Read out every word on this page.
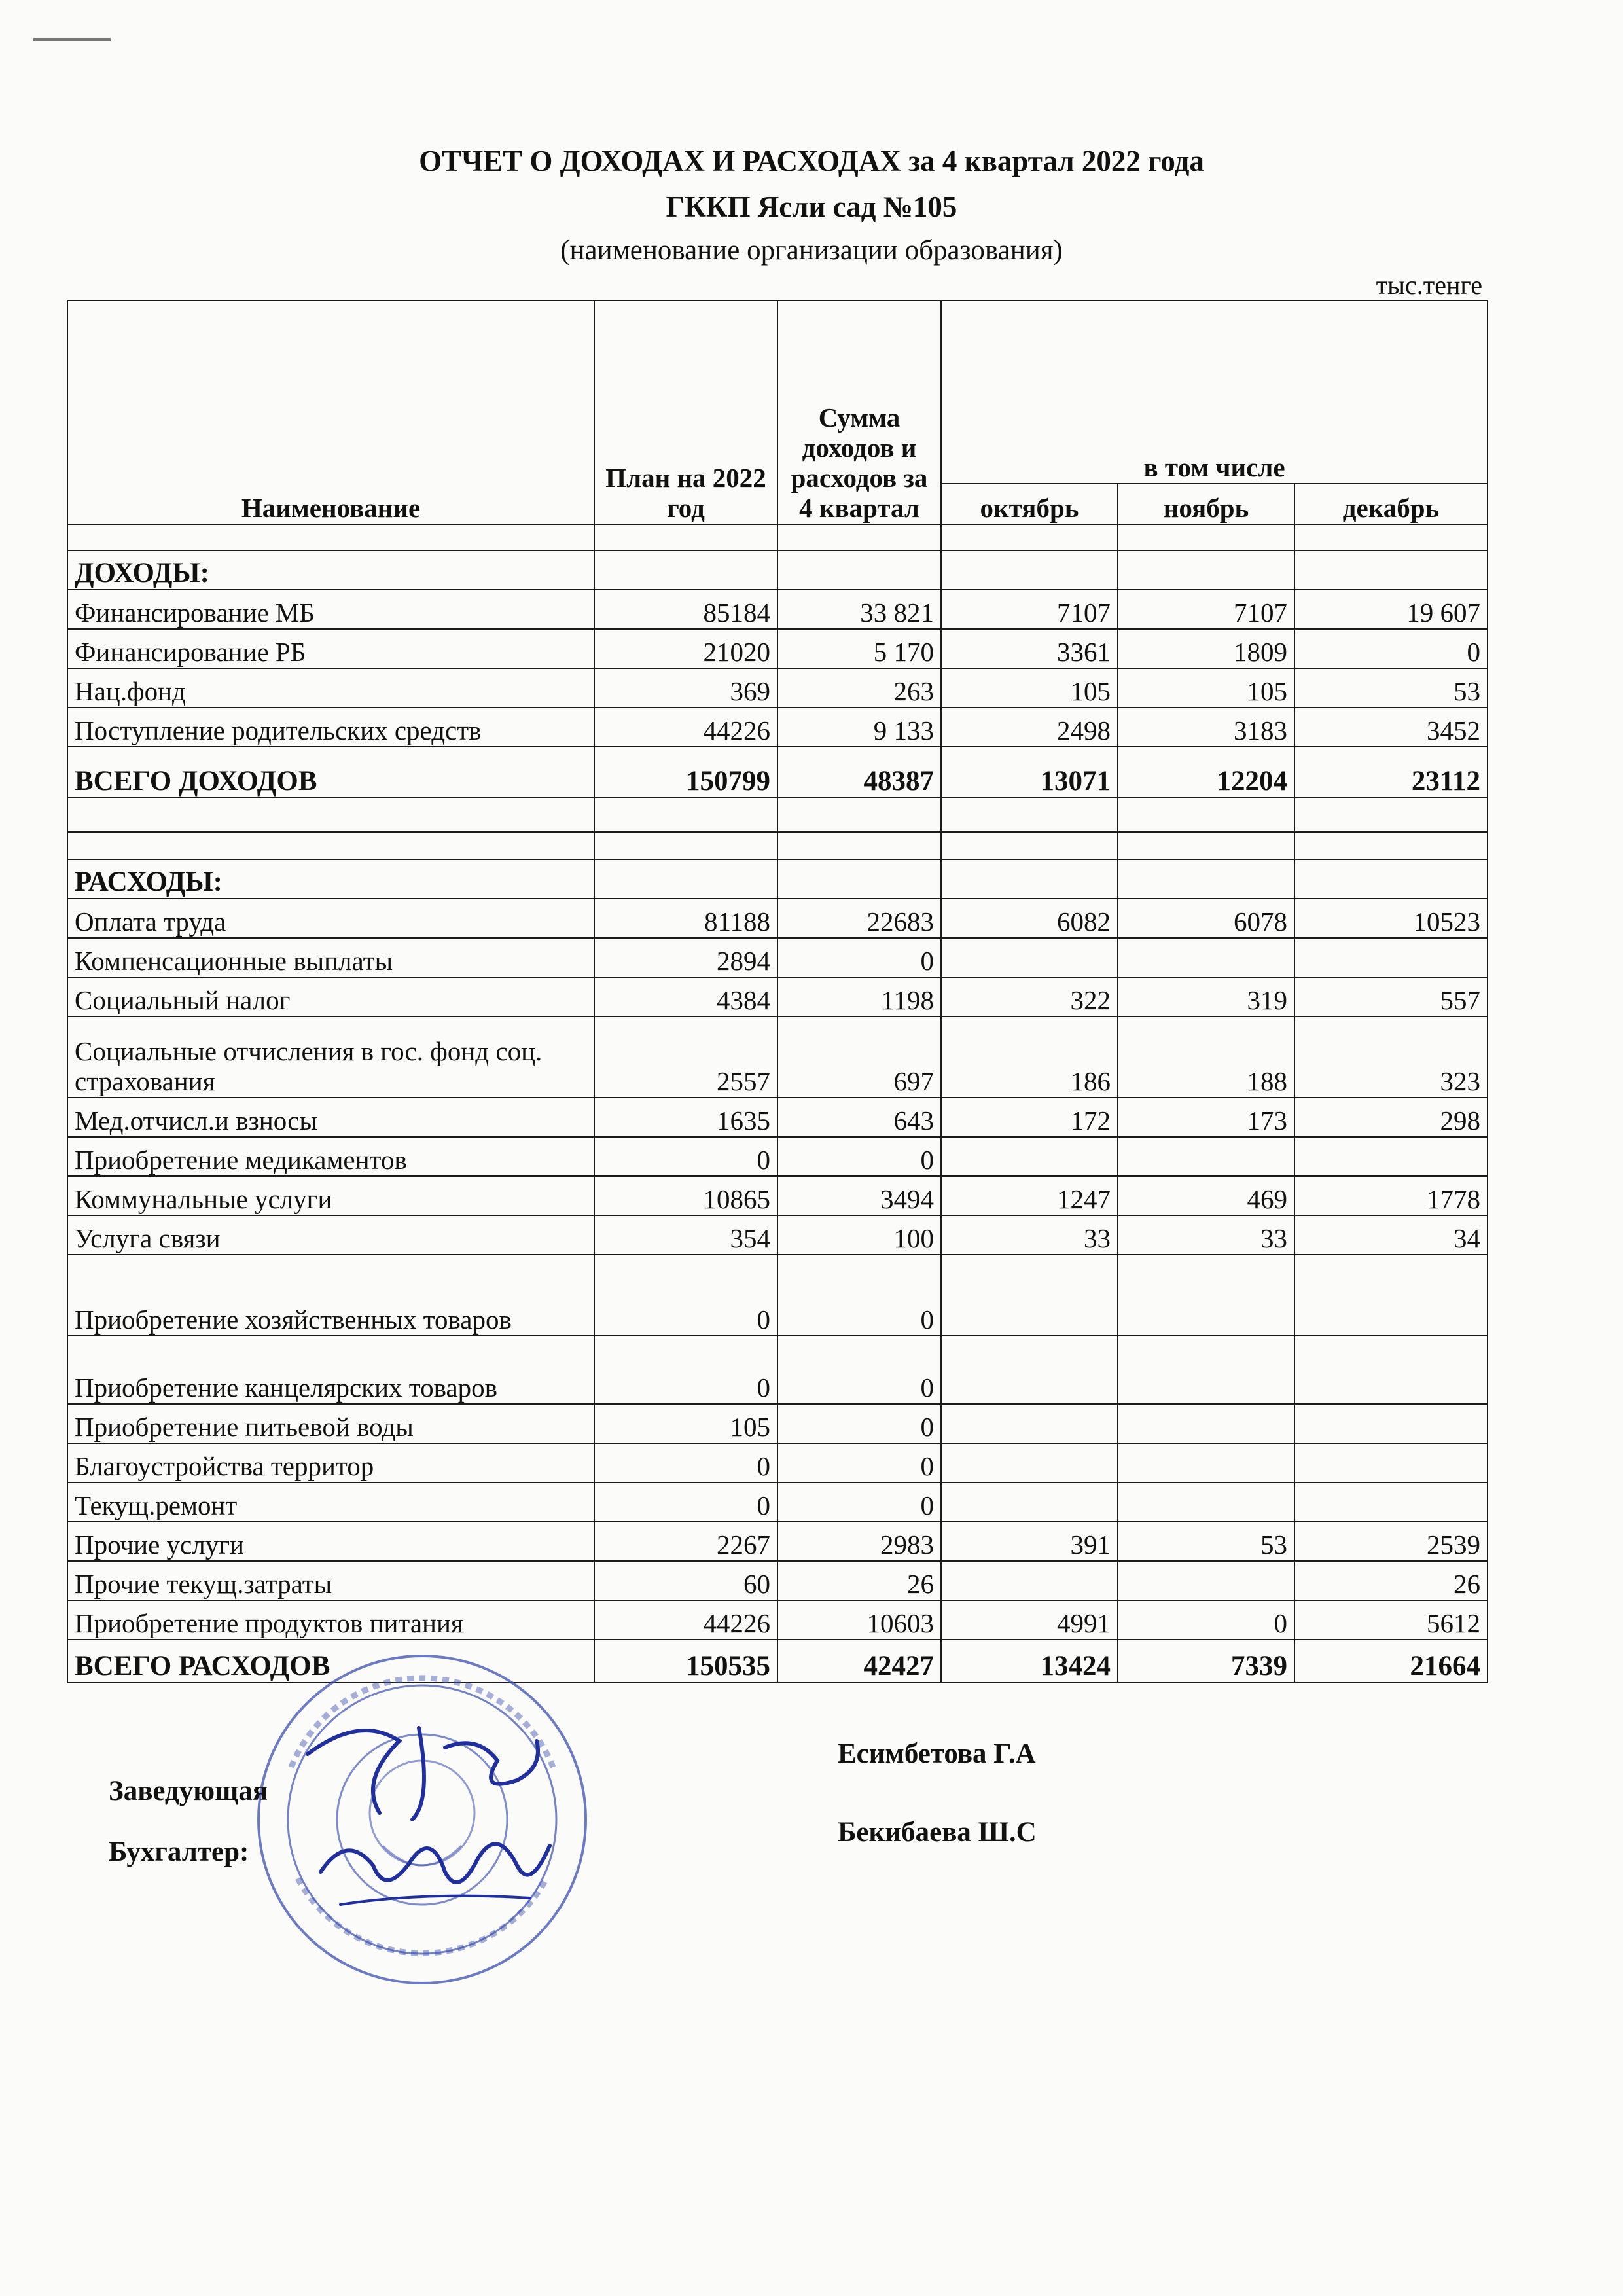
ОТЧЕТ О ДОХОДАХ И РАСХОДАХ за 4 квартал 2022 года
ГККП Ясли сад №105
(наименование организации образования)
тыс.тенге
Наименование	План на 2022 год	Сумма доходов и расходов за 4 квартал	в том числе		
			октябрь	ноябрь	декабрь

ДОХОДЫ:					
Финансирование МБ	85184	33 821	7107	7107	19 607
Финансирование РБ	21020	5 170	3361	1809	0
Нац.фонд	369	263	105	105	53
Поступление родительских средств	44226	9 133	2498	3183	3452
ВСЕГО ДОХОДОВ	150799	48387	13071	12204	23112

РАСХОДЫ:					
Оплата труда	81188	22683	6082	6078	10523
Компенсационные выплаты	2894	0			
Социальный налог	4384	1198	322	319	557
Социальные отчисления в гос. фонд соц. страхования	2557	697	186	188	323
Мед.отчисл.и взносы	1635	643	172	173	298
Приобретение медикаментов	0	0			
Коммунальные услуги	10865	3494	1247	469	1778
Услуга связи	354	100	33	33	34
Приобретение хозяйственных товаров	0	0			
Приобретение канцелярских товаров	0	0			
Приобретение питьевой воды	105	0			
Благоустройства территор	0	0			
Текущ.ремонт	0	0			
Прочие услуги	2267	2983	391	53	2539
Прочие текущ.затраты	60	26			26
Приобретение продуктов питания	44226	10603	4991	0	5612
ВСЕГО РАСХОДОВ	150535	42427	13424	7339	21664
Заведующая
Есимбетова Г.А
Бухгалтер:
Бекибаева Ш.С
